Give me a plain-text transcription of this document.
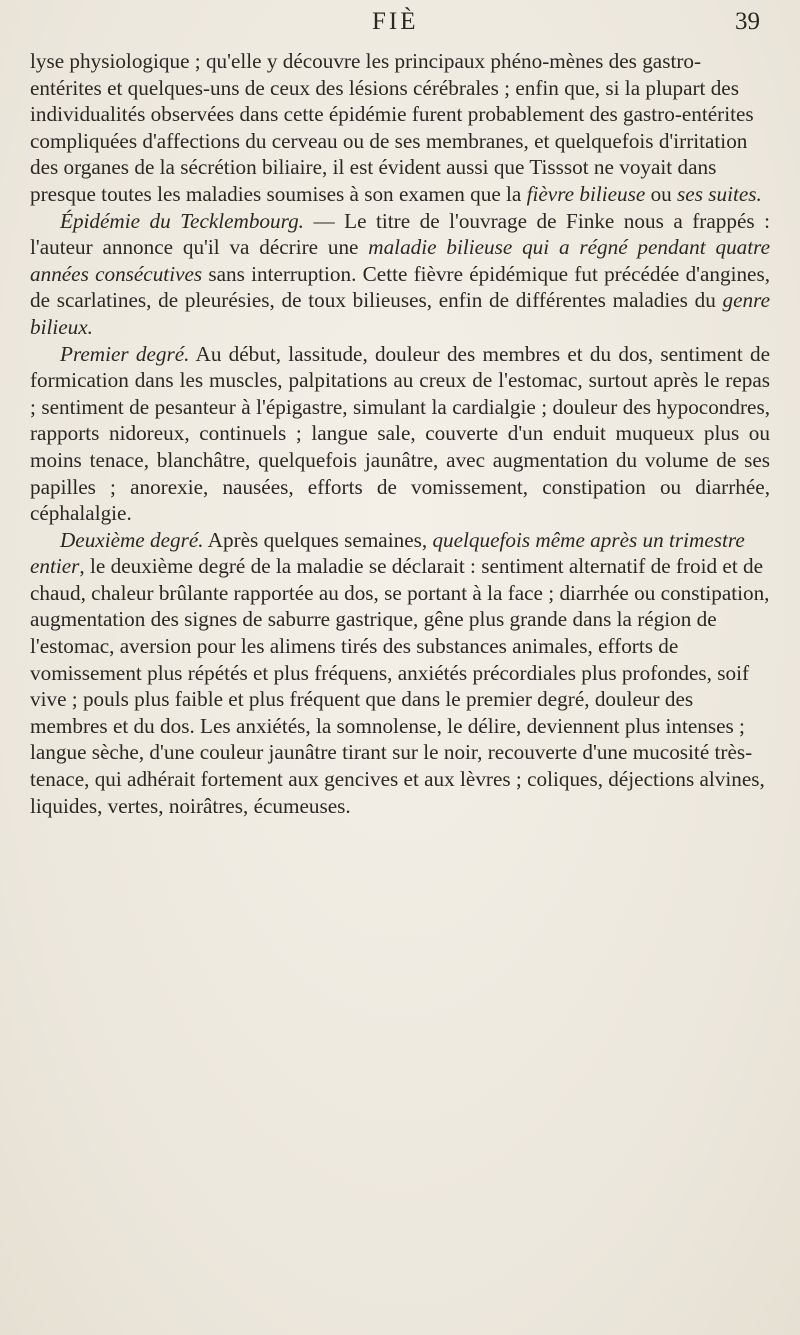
FIÈ	39

lyse physiologique ; qu'elle y découvre les principaux phéno-mènes des gastro-entérites et quelques-uns de ceux des lésions cérébrales ; enfin que, si la plupart des individualités observées dans cette épidémie furent probablement des gastro-entérites compliquées d'affections du cerveau ou de ses membranes, et quelquefois d'irritation des organes de la sécrétion biliaire, il est évident aussi que Tisssot ne voyait dans presque toutes les maladies soumises à son examen que la fièvre bilieuse ou ses suites.

Épidémie du Tecklembourg. — Le titre de l'ouvrage de Finke nous a frappés : l'auteur annonce qu'il va décrire une maladie bilieuse qui a régné pendant quatre années consécutives sans interruption. Cette fièvre épidémique fut précédée d'angines, de scarlatines, de pleurésies, de toux bilieuses, enfin de différentes maladies du genre bilieux.

Premier degré. Au début, lassitude, douleur des membres et du dos, sentiment de formication dans les muscles, palpitations au creux de l'estomac, surtout après le repas ; sentiment de pesanteur à l'épigastre, simulant la cardialgie ; douleur des hypocondres, rapports nidoreux, continuels ; langue sale, couverte d'un enduit muqueux plus ou moins tenace, blanchâtre, quelquefois jaunâtre, avec augmentation du volume de ses papilles ; anorexie, nausées, efforts de vomissement, constipation ou diarrhée, céphalalgie.

Deuxième degré. Après quelques semaines, quelquefois même après un trimestre entier, le deuxième degré de la maladie se déclarait : sentiment alternatif de froid et de chaud, chaleur brûlante rapportée au dos, se portant à la face ; diarrhée ou constipation, augmentation des signes de saburre gastrique, gêne plus grande dans la région de l'estomac, aversion pour les alimens tirés des substances animales, efforts de vomissement plus répétés et plus fréquens, anxiétés précordiales plus profondes, soif vive ; pouls plus faible et plus fréquent que dans le premier degré, douleur des membres et du dos. Les anxiétés, la somnolense, le délire, deviennent plus intenses ; langue sèche, d'une couleur jaunâtre tirant sur le noir, recouverte d'une mucosité très-tenace, qui adhérait fortement aux gencives et aux lèvres ; coliques, déjections alvines, liquides, vertes, noirâtres, écumeuses.
